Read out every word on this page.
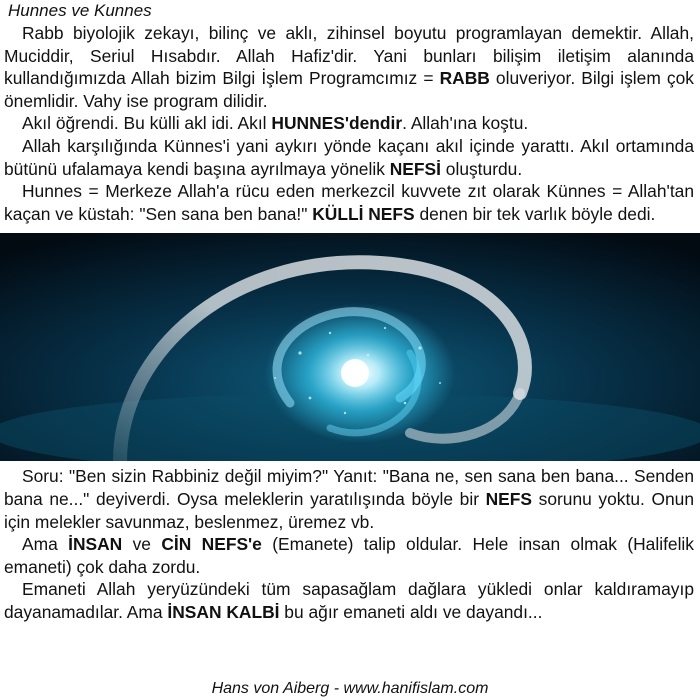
Hunnes ve Kunnes

Rabb biyolojik zekayı, bilinç ve aklı, zihinsel boyutu programlayan demektir. Allah, Muciddir, Seriul Hısabdır. Allah Hafiz'dir. Yani bunları bilişim iletişim alanında kullandığımızda Allah bizim Bilgi İşlem Programcımız = RABB oluveriyor. Bilgi işlem çok önemlidir. Vahy ise program dilidir.

Akıl öğrendi. Bu külli akl idi. Akıl HUNNES'dendir. Allah'ına koştu.

Allah karşılığında Künnes'i yani aykırı yönde kaçanı akıl içinde yarattı. Akıl ortamında bütünü ufalamaya kendi başına ayrılmaya yönelik NEFSİ oluşturdu.

Hunnes = Merkeze Allah'a rücu eden merkezcil kuvvete zıt olarak Künnes = Allah'tan kaçan ve küstah: "Sen sana ben bana!" KÜLLİ NEFS denen bir tek varlık böyle dedi.

Soru: "Ben sizin Rabbiniz değil miyim?" Yanıt: "Bana ne, sen sana ben bana... Senden bana ne..." deyiverdi. Oysa meleklerin yaratılışında böyle bir NEFS sorunu yoktu. Onun için melekler savunmaz, beslenmez, üremez vb.

Ama İNSAN ve CİN NEFS'e (Emanete) talip oldular. Hele insan olmak (Halifelik emaneti) çok daha zordu.

Emaneti Allah yeryüzündeki tüm sapasağlam dağlara yükledi onlar kaldıramayıp dayanamadılar. Ama İNSAN KALBİ bu ağır emaneti aldı ve dayandı...

Hans von Aiberg - www.hanifislam.com
